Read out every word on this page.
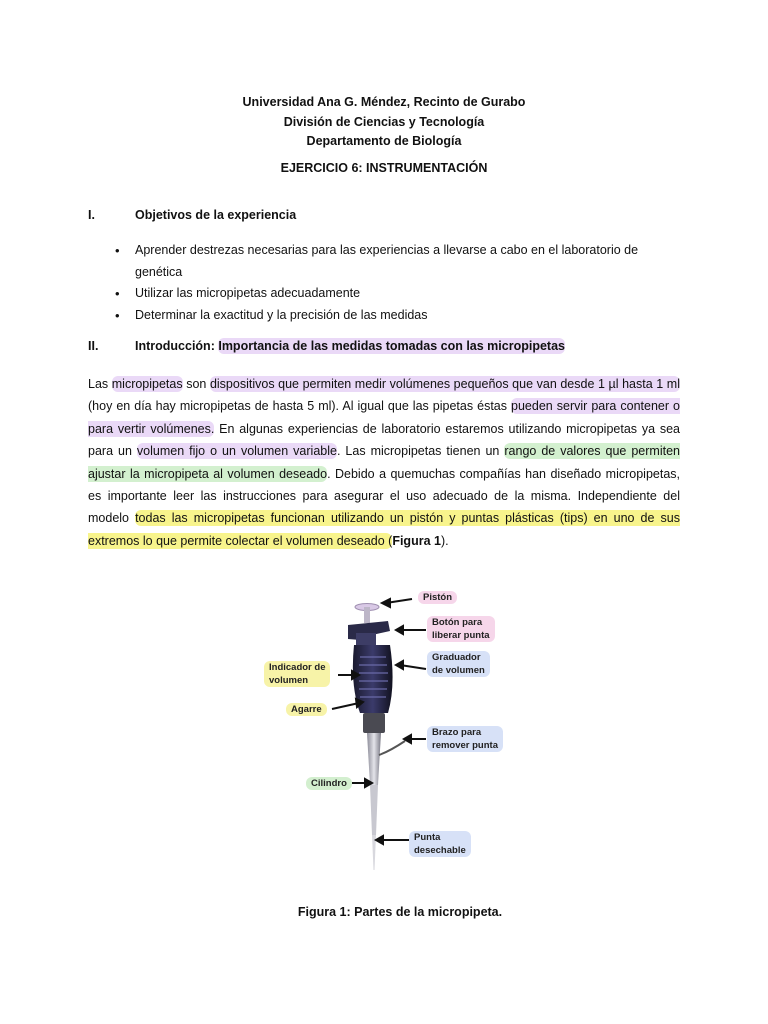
Universidad Ana G. Méndez, Recinto de Gurabo
División de Ciencias y Tecnología
Departamento de Biología
EJERCICIO 6: INSTRUMENTACIÓN
I.	Objetivos de la experiencia
• Aprender destrezas necesarias para las experiencias a llevarse a cabo en el laboratorio de genética
• Utilizar las micropipetas adecuadamente
• Determinar la exactitud y la precisión de las medidas
II.	Introducción: Importancia de las medidas tomadas con las micropipetas

Las micropipetas son dispositivos que permiten medir volúmenes pequeños que van desde 1 µl hasta 1 ml (hoy en día hay micropipetas de hasta 5 ml). Al igual que las pipetas éstas pueden servir para contener o para vertir volúmenes. En algunas experiencias de laboratorio estaremos utilizando micropipetas ya sea para un volumen fijo o un volumen variable. Las micropipetas tienen un rango de valores que permiten ajustar la micropipeta al volumen deseado. Debido a quemuchas compañías han diseñado micropipetas, es importante leer las instrucciones para asegurar el uso adecuado de la misma. Independiente del modelo todas las micropipetas funcionan utilizando un pistón y puntas plásticas (tips) en uno de sus extremos lo que permite colectar el volumen deseado (Figura 1).

Pistón
Botón para
liberar punta
Graduador
de volumen
Indicador de
volumen
Agarre
Brazo para
remover punta
Cilindro
Punta
desechable
Figura 1: Partes de la micropipeta.
